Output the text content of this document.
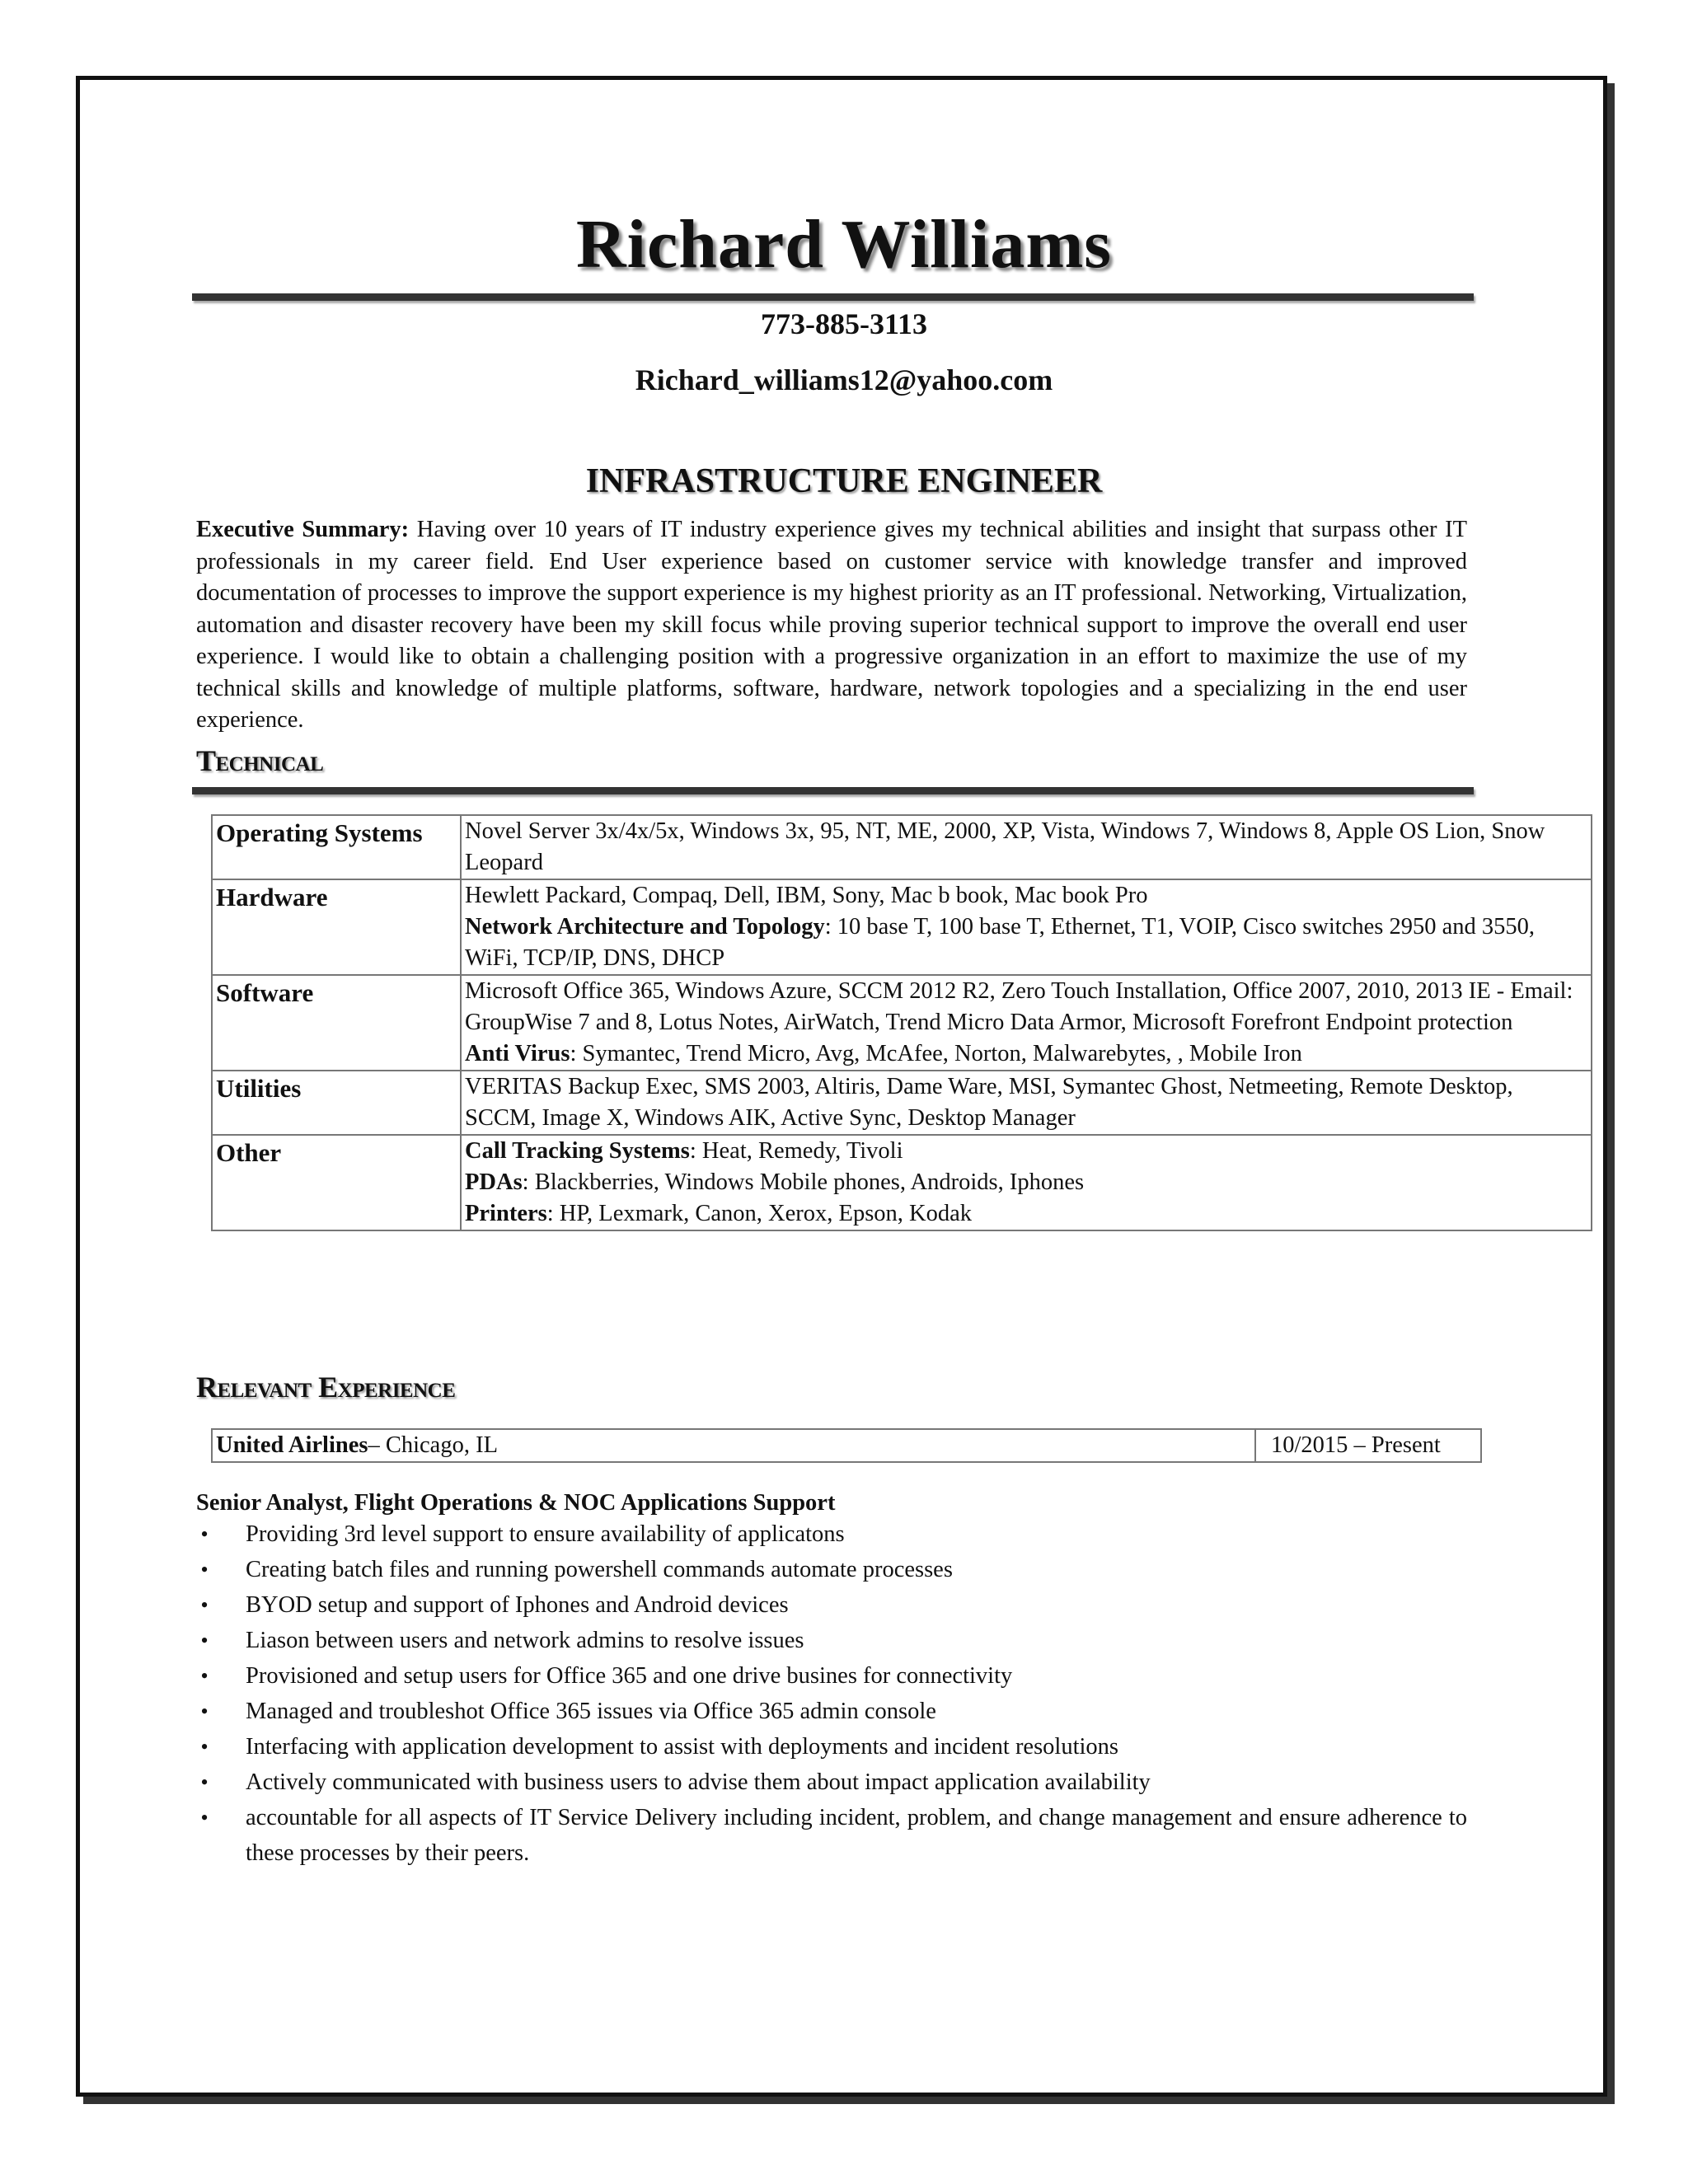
Richard Williams
773-885-3113
Richard_williams12@yahoo.com
INFRASTRUCTURE ENGINEER
Executive Summary: Having over 10 years of IT industry experience gives my technical abilities and insight that surpass other IT professionals in my career field. End User experience based on customer service with knowledge transfer and improved documentation of processes to improve the support experience is my highest priority as an IT professional. Networking, Virtualization, automation and disaster recovery have been my skill focus while proving superior technical support to improve the overall end user experience. I would like to obtain a challenging position with a progressive organization in an effort to maximize the use of my technical skills and knowledge of multiple platforms, software, hardware, network topologies and a specializing in the end user experience.
Technical
Operating Systems	Novel Server 3x/4x/5x, Windows 3x, 95, NT, ME, 2000, XP, Vista, Windows 7, Windows 8, Apple OS Lion, Snow Leopard

Hardware	Hewlett Packard, Compaq, Dell, IBM, Sony, Mac b book, Mac book Pro
Network Architecture and Topology: 10 base T, 100 base T, Ethernet, T1, VOIP, Cisco switches 2950 and 3550, WiFi, TCP/IP, DNS, DHCP

Software	Microsoft Office 365, Windows Azure, SCCM 2012 R2, Zero Touch Installation, Office 2007, 2010, 2013 IE - Email: GroupWise 7 and 8, Lotus Notes, AirWatch, Trend Micro Data Armor, Microsoft Forefront Endpoint protection
Anti Virus: Symantec, Trend Micro, Avg, McAfee, Norton, Malwarebytes, , Mobile Iron

Utilities	VERITAS Backup Exec, SMS 2003, Altiris, Dame Ware, MSI, Symantec Ghost, Netmeeting, Remote Desktop, SCCM, Image X, Windows AIK, Active Sync, Desktop Manager

Other	Call Tracking Systems: Heat, Remedy, Tivoli
PDAs: Blackberries, Windows Mobile phones, Androids, Iphones
Printers: HP, Lexmark, Canon, Xerox, Epson, Kodak
Relevant Experience
United Airlines– Chicago, IL	10/2015 – Present
Senior Analyst, Flight Operations & NOC Applications Support
• Providing 3rd level support to ensure availability of applicatons
• Creating batch files and running powershell commands automate processes
• BYOD setup and support of Iphones and Android devices
• Liason between users and network admins to resolve issues
• Provisioned and setup users for Office 365 and one drive busines for connectivity
• Managed and troubleshot Office 365 issues via Office 365 admin console
• Interfacing with application development to assist with deployments and incident resolutions
• Actively communicated with business users to advise them about impact application availability
• accountable for all aspects of IT Service Delivery including incident, problem, and change management and ensure adherence to these processes by their peers.
